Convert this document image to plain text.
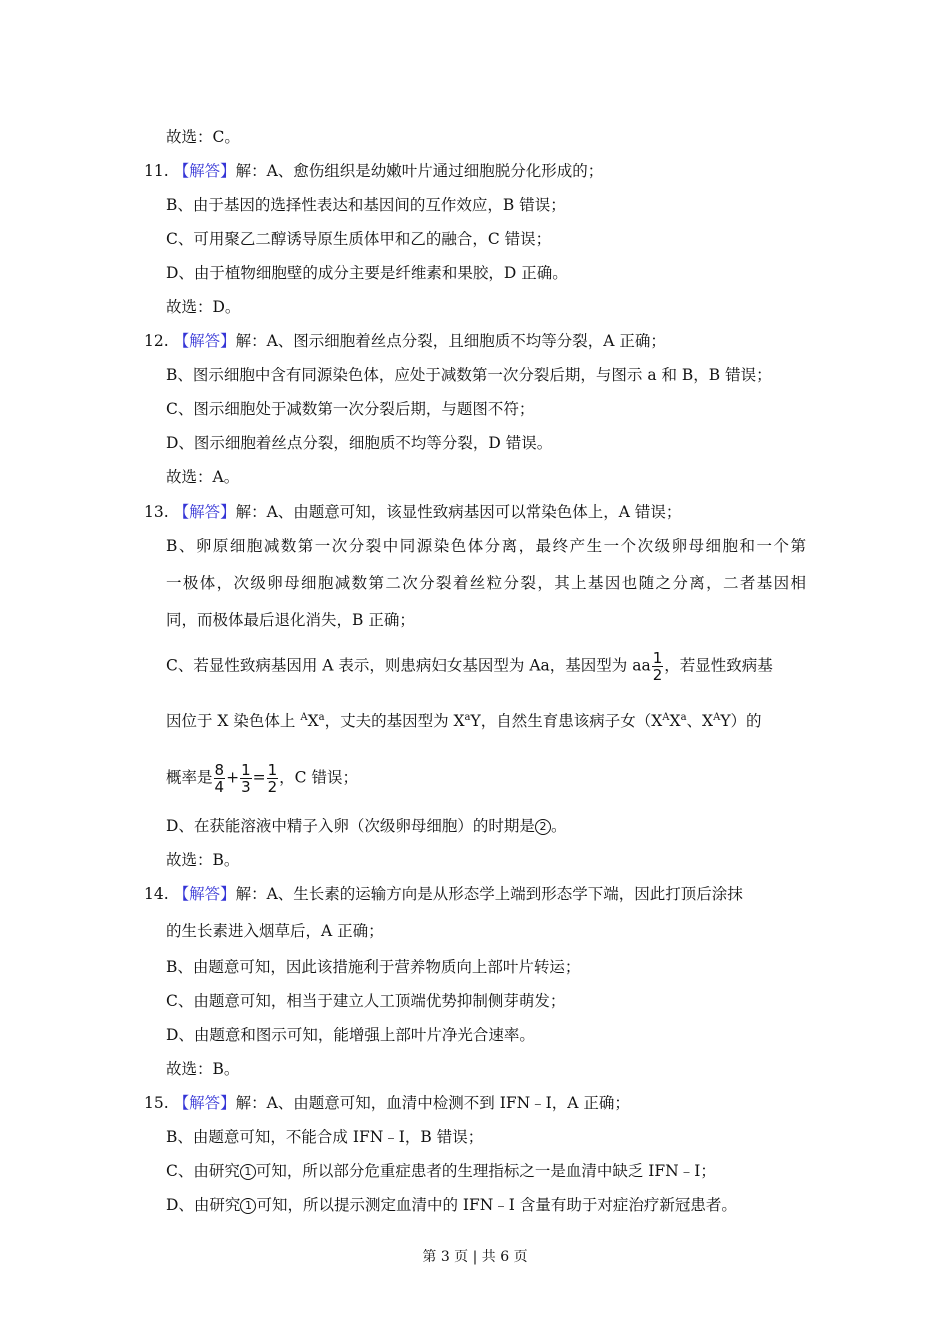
故选：C。
11. 【解答】解：A、愈伤组织是幼嫩叶片通过细胞脱分化形成的；
B、由于基因的选择性表达和基因间的互作效应，B 错误；
C、可用聚乙二醇诱导原生质体甲和乙的融合，C 错误；
D、由于植物细胞壁的成分主要是纤维素和果胶，D 正确。
故选：D。
12. 【解答】解：A、图示细胞着丝点分裂，且细胞质不均等分裂，A 正确；
B、图示细胞中含有同源染色体，应处于减数第一次分裂后期，与图示 a 和 B，B 错误；
C、图示细胞处于减数第一次分裂后期，与题图不符；
D、图示细胞着丝点分裂，细胞质不均等分裂，D 错误。
故选：A。
13. 【解答】解：A、由题意可知，该显性致病基因可以常染色体上，A 错误；
B、卵原细胞减数第一次分裂中同源染色体分离，最终产生一个次级卵母细胞和一个第
一极体，次级卵母细胞减数第二次分裂着丝粒分裂，其上基因也随之分离，二者基因相
同，而极体最后退化消失，B 正确；
C、若显性致病基因用 A 表示，则患病妇女基因型为 Aa，基因型为 aa $\frac{1}{2}$ ，若显性致病基
因位于 X 染色体上 $^AX^a$，丈夫的基因型为 $X^aY$，自然生育患该病子女（$X^AX^a$、$X^AY$）的
概率是 $\frac{8}{4} + \frac{1}{3} = \frac{1}{2}$ ，C 错误；
D、在获能溶液中精子入卵（次级卵母细胞）的时期是 2 。
故选：B。
14. 【解答】解：A、生长素的运输方向是从形态学上端到形态学下端，因此打顶后涂抹
的生长素进入烟草后，A 正确；
B、由题意可知，因此该措施利于营养物质向上部叶片转运；
C、由题意可知，相当于建立人工顶端优势抑制侧芽萌发；
D、由题意和图示可知，能增强上部叶片净光合速率。
故选：B。
15. 【解答】解：A、由题意可知，血清中检测不到 IFN﹣Ⅰ，A 正确；
B、由题意可知，不能合成 IFN﹣Ⅰ，B 错误；
C、由研究 1 可知，所以部分危重症患者的生理指标之一是血清中缺乏 IFN﹣Ⅰ；
D、由研究 1 可知，所以提示测定血清中的 IFN﹣Ⅰ 含量有助于对症治疗新冠患者。
第 3 页 | 共 6 页
